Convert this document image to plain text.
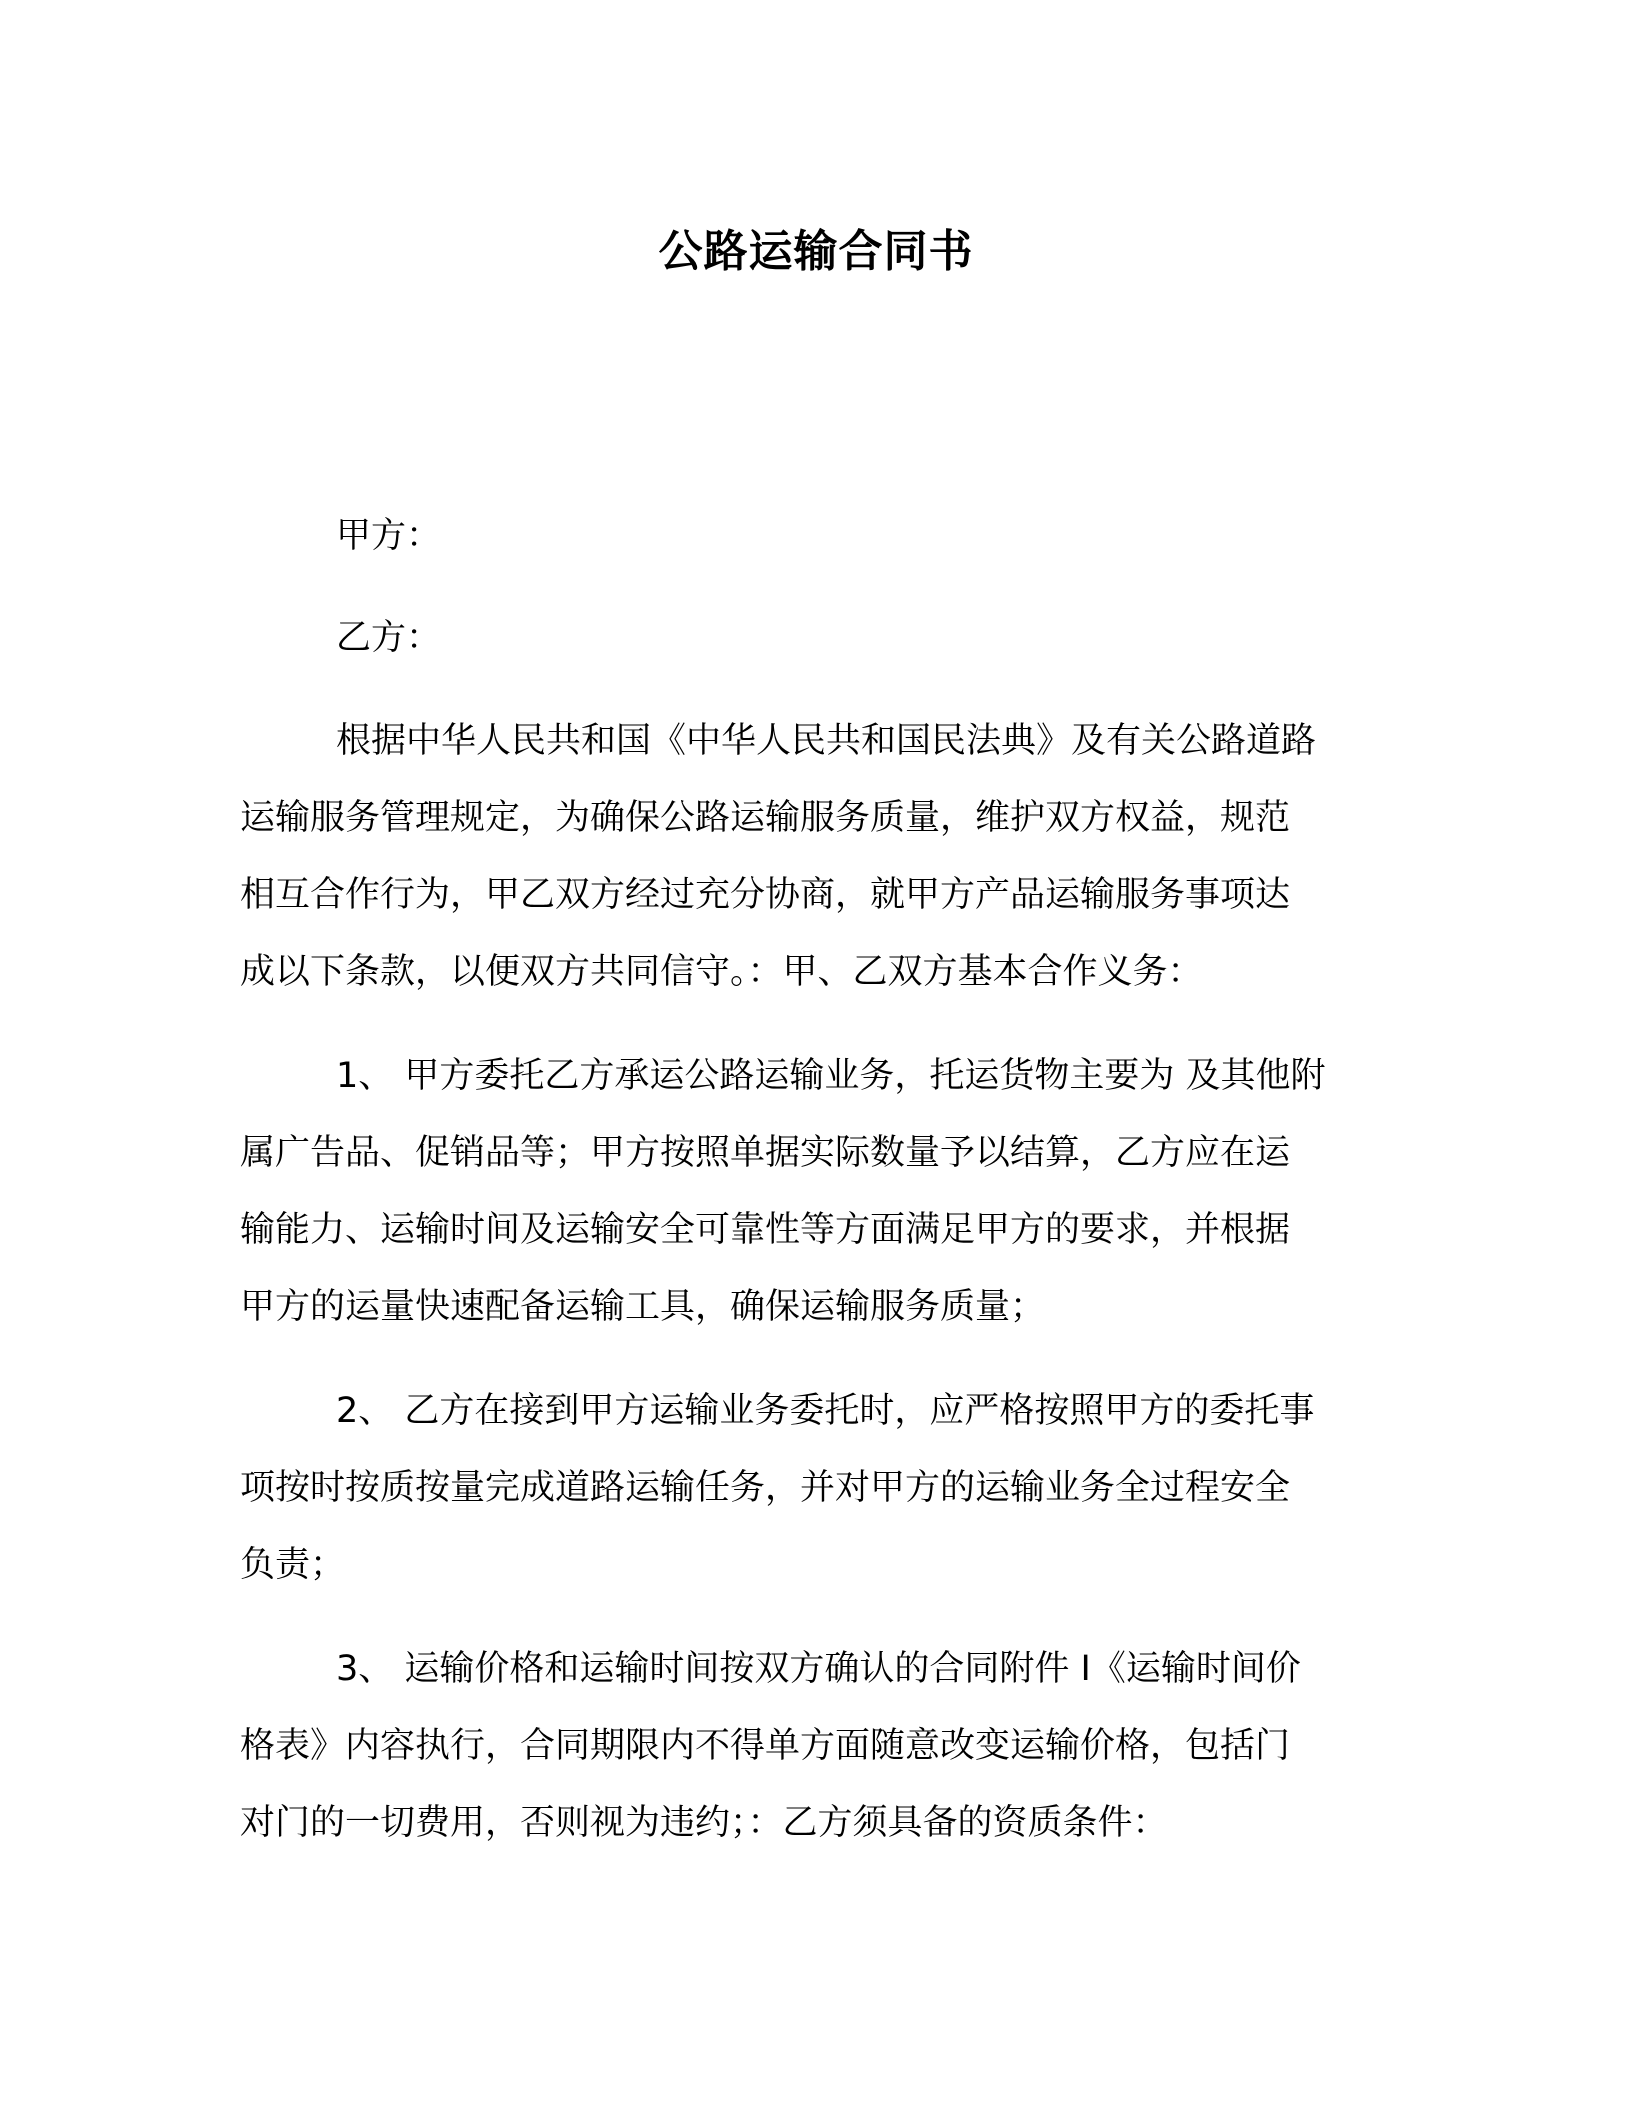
公路运输合同书
甲方：
乙方：
根据中华人民共和国《中华人民共和国民法典》及有关公路道路
运输服务管理规定，为确保公路运输服务质量，维护双方权益，规范
相互合作行为，甲乙双方经过充分协商，就甲方产品运输服务事项达
成以下条款，以便双方共同信守。：甲、乙双方基本合作义务：
1、 甲方委托乙方承运公路运输业务，托运货物主要为 及其他附
属广告品、促销品等；甲方按照单据实际数量予以结算，乙方应在运
输能力、运输时间及运输安全可靠性等方面满足甲方的要求，并根据
甲方的运量快速配备运输工具，确保运输服务质量；
2、 乙方在接到甲方运输业务委托时，应严格按照甲方的委托事
项按时按质按量完成道路运输任务，并对甲方的运输业务全过程安全
负责；
3、 运输价格和运输时间按双方确认的合同附件 I《运输时间价
格表》内容执行，合同期限内不得单方面随意改变运输价格，包括门
对门的一切费用，否则视为违约；：乙方须具备的资质条件：
